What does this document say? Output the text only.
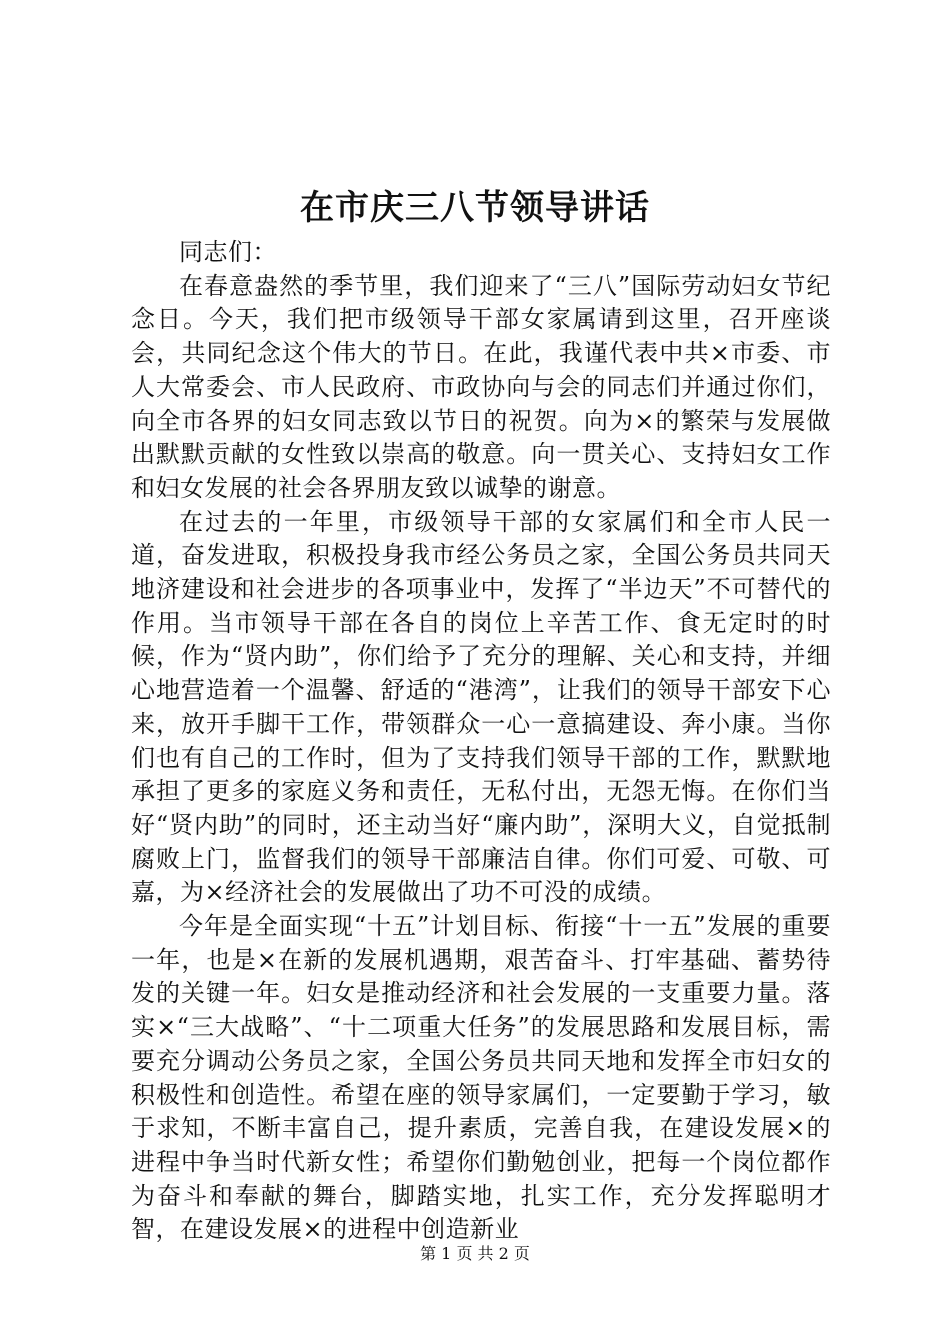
在市庆三八节领导讲话

同志们：

在春意盎然的季节里，我们迎来了“三八”国际劳动妇女节纪念日。今天，我们把市级领导干部女家属请到这里，召开座谈会，共同纪念这个伟大的节日。在此，我谨代表中共×市委、市人大常委会、市人民政府、市政协向与会的同志们并通过你们，向全市各界的妇女同志致以节日的祝贺。向为×的繁荣与发展做出默默贡献的女性致以崇高的敬意。向一贯关心、支持妇女工作和妇女发展的社会各界朋友致以诚挚的谢意。

在过去的一年里，市级领导干部的女家属们和全市人民一道，奋发进取，积极投身我市经公务员之家，全国公务员共同天地济建设和社会进步的各项事业中，发挥了“半边天”不可替代的作用。当市领导干部在各自的岗位上辛苦工作、食无定时的时候，作为“贤内助”，你们给予了充分的理解、关心和支持，并细心地营造着一个温馨、舒适的“港湾”，让我们的领导干部安下心来，放开手脚干工作，带领群众一心一意搞建设、奔小康。当你们也有自己的工作时，但为了支持我们领导干部的工作，默默地承担了更多的家庭义务和责任，无私付出，无怨无悔。在你们当好“贤内助”的同时，还主动当好“廉内助”，深明大义，自觉抵制腐败上门，监督我们的领导干部廉洁自律。你们可爱、可敬、可嘉，为×经济社会的发展做出了功不可没的成绩。

今年是全面实现“十五”计划目标、衔接“十一五”发展的重要一年，也是×在新的发展机遇期，艰苦奋斗、打牢基础、蓄势待发的关键一年。妇女是推动经济和社会发展的一支重要力量。落实×“三大战略”、“十二项重大任务”的发展思路和发展目标，需要充分调动公务员之家，全国公务员共同天地和发挥全市妇女的积极性和创造性。希望在座的领导家属们，一定要勤于学习，敏于求知，不断丰富自己，提升素质，完善自我，在建设发展×的进程中争当时代新女性；希望你们勤勉创业，把每一个岗位都作为奋斗和奉献的舞台，脚踏实地，扎实工作，充分发挥聪明才智，在建设发展×的进程中创造新业

第 1 页 共 2 页
